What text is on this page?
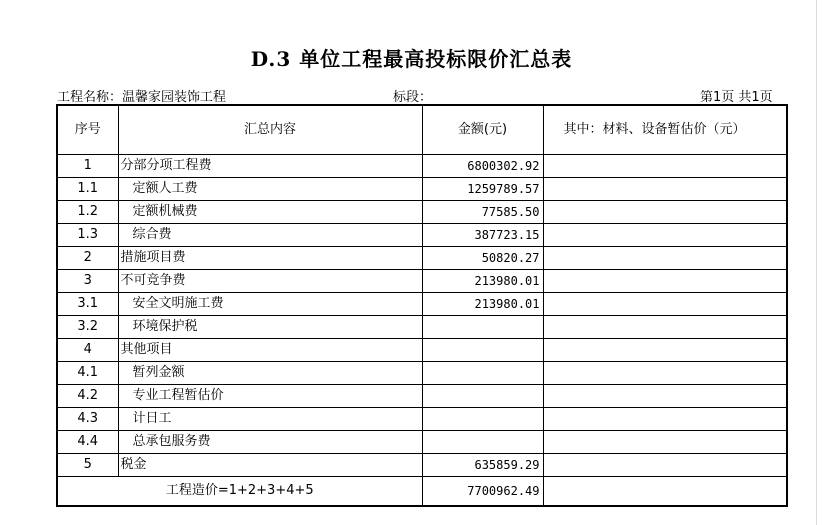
D.3 单位工程最高投标限价汇总表
工程名称：温馨家园装饰工程	标段：	第1页 共1页
序号	汇总内容	金额(元)	其中：材料、设备暂估价（元）
1	分部分项工程费	6800302.92	
1.1	定额人工费	1259789.57	
1.2	定额机械费	77585.50	
1.3	综合费	387723.15	
2	措施项目费	50820.27	
3	不可竞争费	213980.01	
3.1	安全文明施工费	213980.01	
3.2	环境保护税		
4	其他项目		
4.1	暂列金额		
4.2	专业工程暂估价		
4.3	计日工		
4.4	总承包服务费		
5	税金	635859.29	
工程造价=1+2+3+4+5		7700962.49	
